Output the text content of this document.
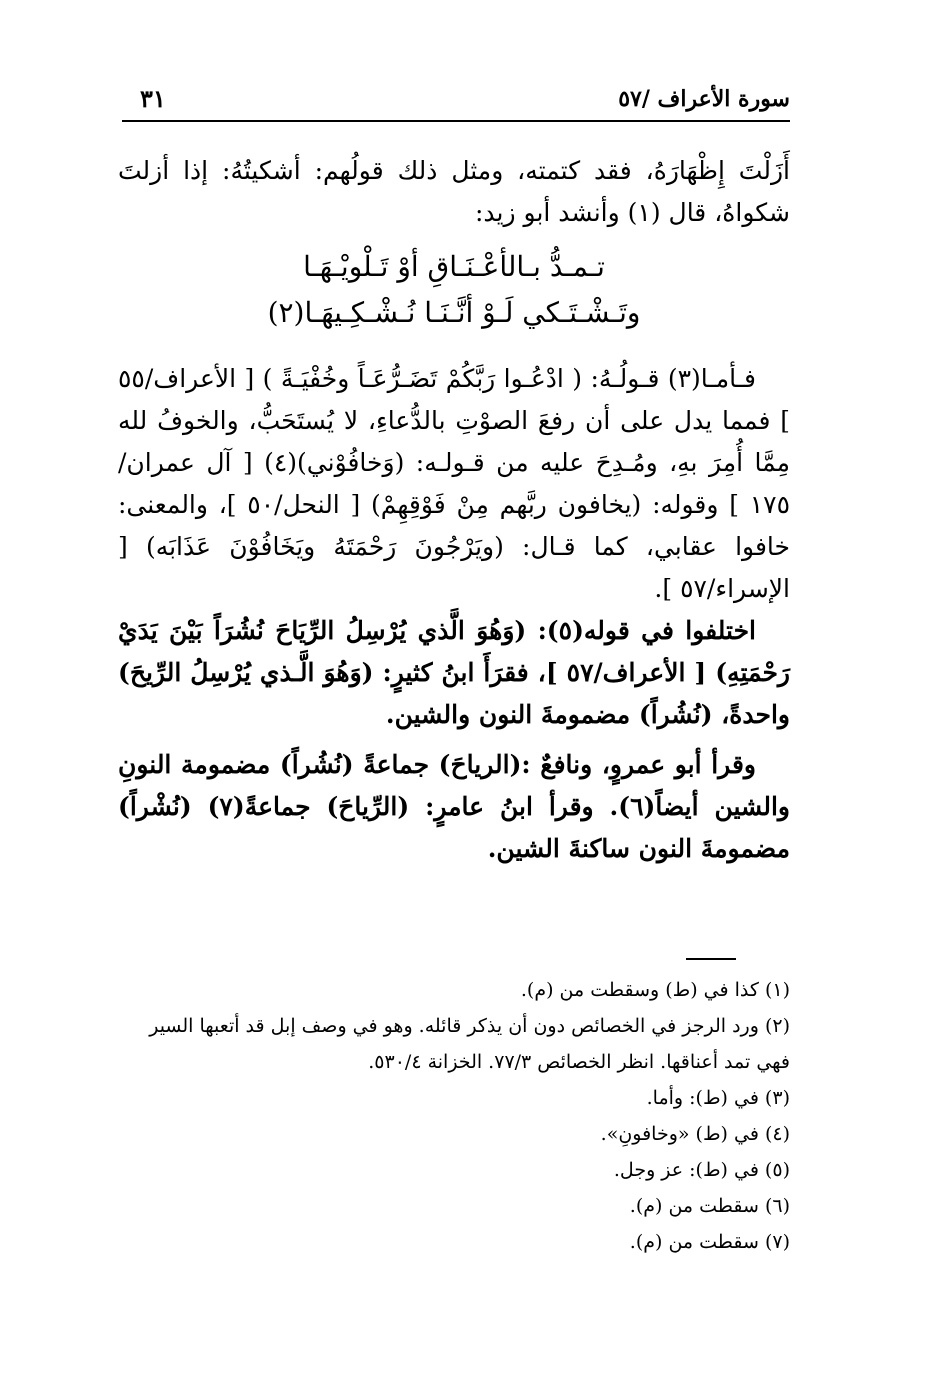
سورة الأعراف /٥٧
٣١

أَزَلْتَ إِظْهَارَهُ، فقد كتمته، ومثل ذلك قولُهم: أشكيتُهُ: إذا أزلتَ شكواهُ، قال (١) وأنشد أبو زيد:

تـمـدُّ بـالأعْـنَـاقِ أوْ تَـلْويْـهَـا
وتَـشْـتَـكي لَـوْ أنَّـنَـا نُـشْـكِـيهَـا(٢)

فـأمـا(٣) قـولُـهُ: ( ادْعُـوا رَبَّكُمْ تَضَـرُّعَـاً وخُفْيَـةً ) [ الأعراف/٥٥ ] فمما يدل على أن رفعَ الصوْتِ بالدُّعاءِ، لا يُستَحَبُّ، والخوفُ لله مِمَّا أُمِرَ بهِ، ومُـدِحَ عليه من قـولـه: (وَخافُوْني)(٤) [ آل عمران/١٧٥ ] وقوله: (يخافون ربَّهم مِنْ فَوْقِهِمْ) [ النحل/٥٠ ]، والمعنى: خافوا عقابي، كما قـال: (ويَرْجُونَ رَحْمَتَهُ ويَخَافُوْنَ عَذَابَه) [ الإسراء/٥٧ ].

اختلفوا في قوله(٥): (وَهُوَ الَّذي يُرْسِلُ الرِّيَاحَ نُشُرَاً بَيْنَ يَدَيْ رَحْمَتِهِ) [ الأعراف/٥٧ ]، فقرَأَ ابنُ كثيرٍ: (وَهُوَ الَّـذي يُرْسِلُ الرِّيحَ) واحدةً، (نُشُراً) مضمومةَ النون والشين.

وقرأ أبو عمروٍ، ونافعٌ :(الرياحَ) جماعةً (نُشُراً) مضمومة النونِ والشين أيضاً(٦). وقرأ ابنُ عامرٍ: (الرِّياحَ) جماعةً(٧) (نُشْراً) مضمومةَ النون ساكنةَ الشين.

(١) كذا في (ط) وسقطت من (م).

(٢) ورد الرجز في الخصائص دون أن يذكر قائله. وهو في وصف إبل قد أتعبها السير فهي تمد أعناقها. انظر الخصائص ٧٧/٣. الخزانة ٥٣٠/٤.

(٣) في (ط): وأما.

(٤) في (ط) «وخافونِ».

(٥) في (ط): عز وجل.

(٦) سقطت من (م).

(٧) سقطت من (م).
